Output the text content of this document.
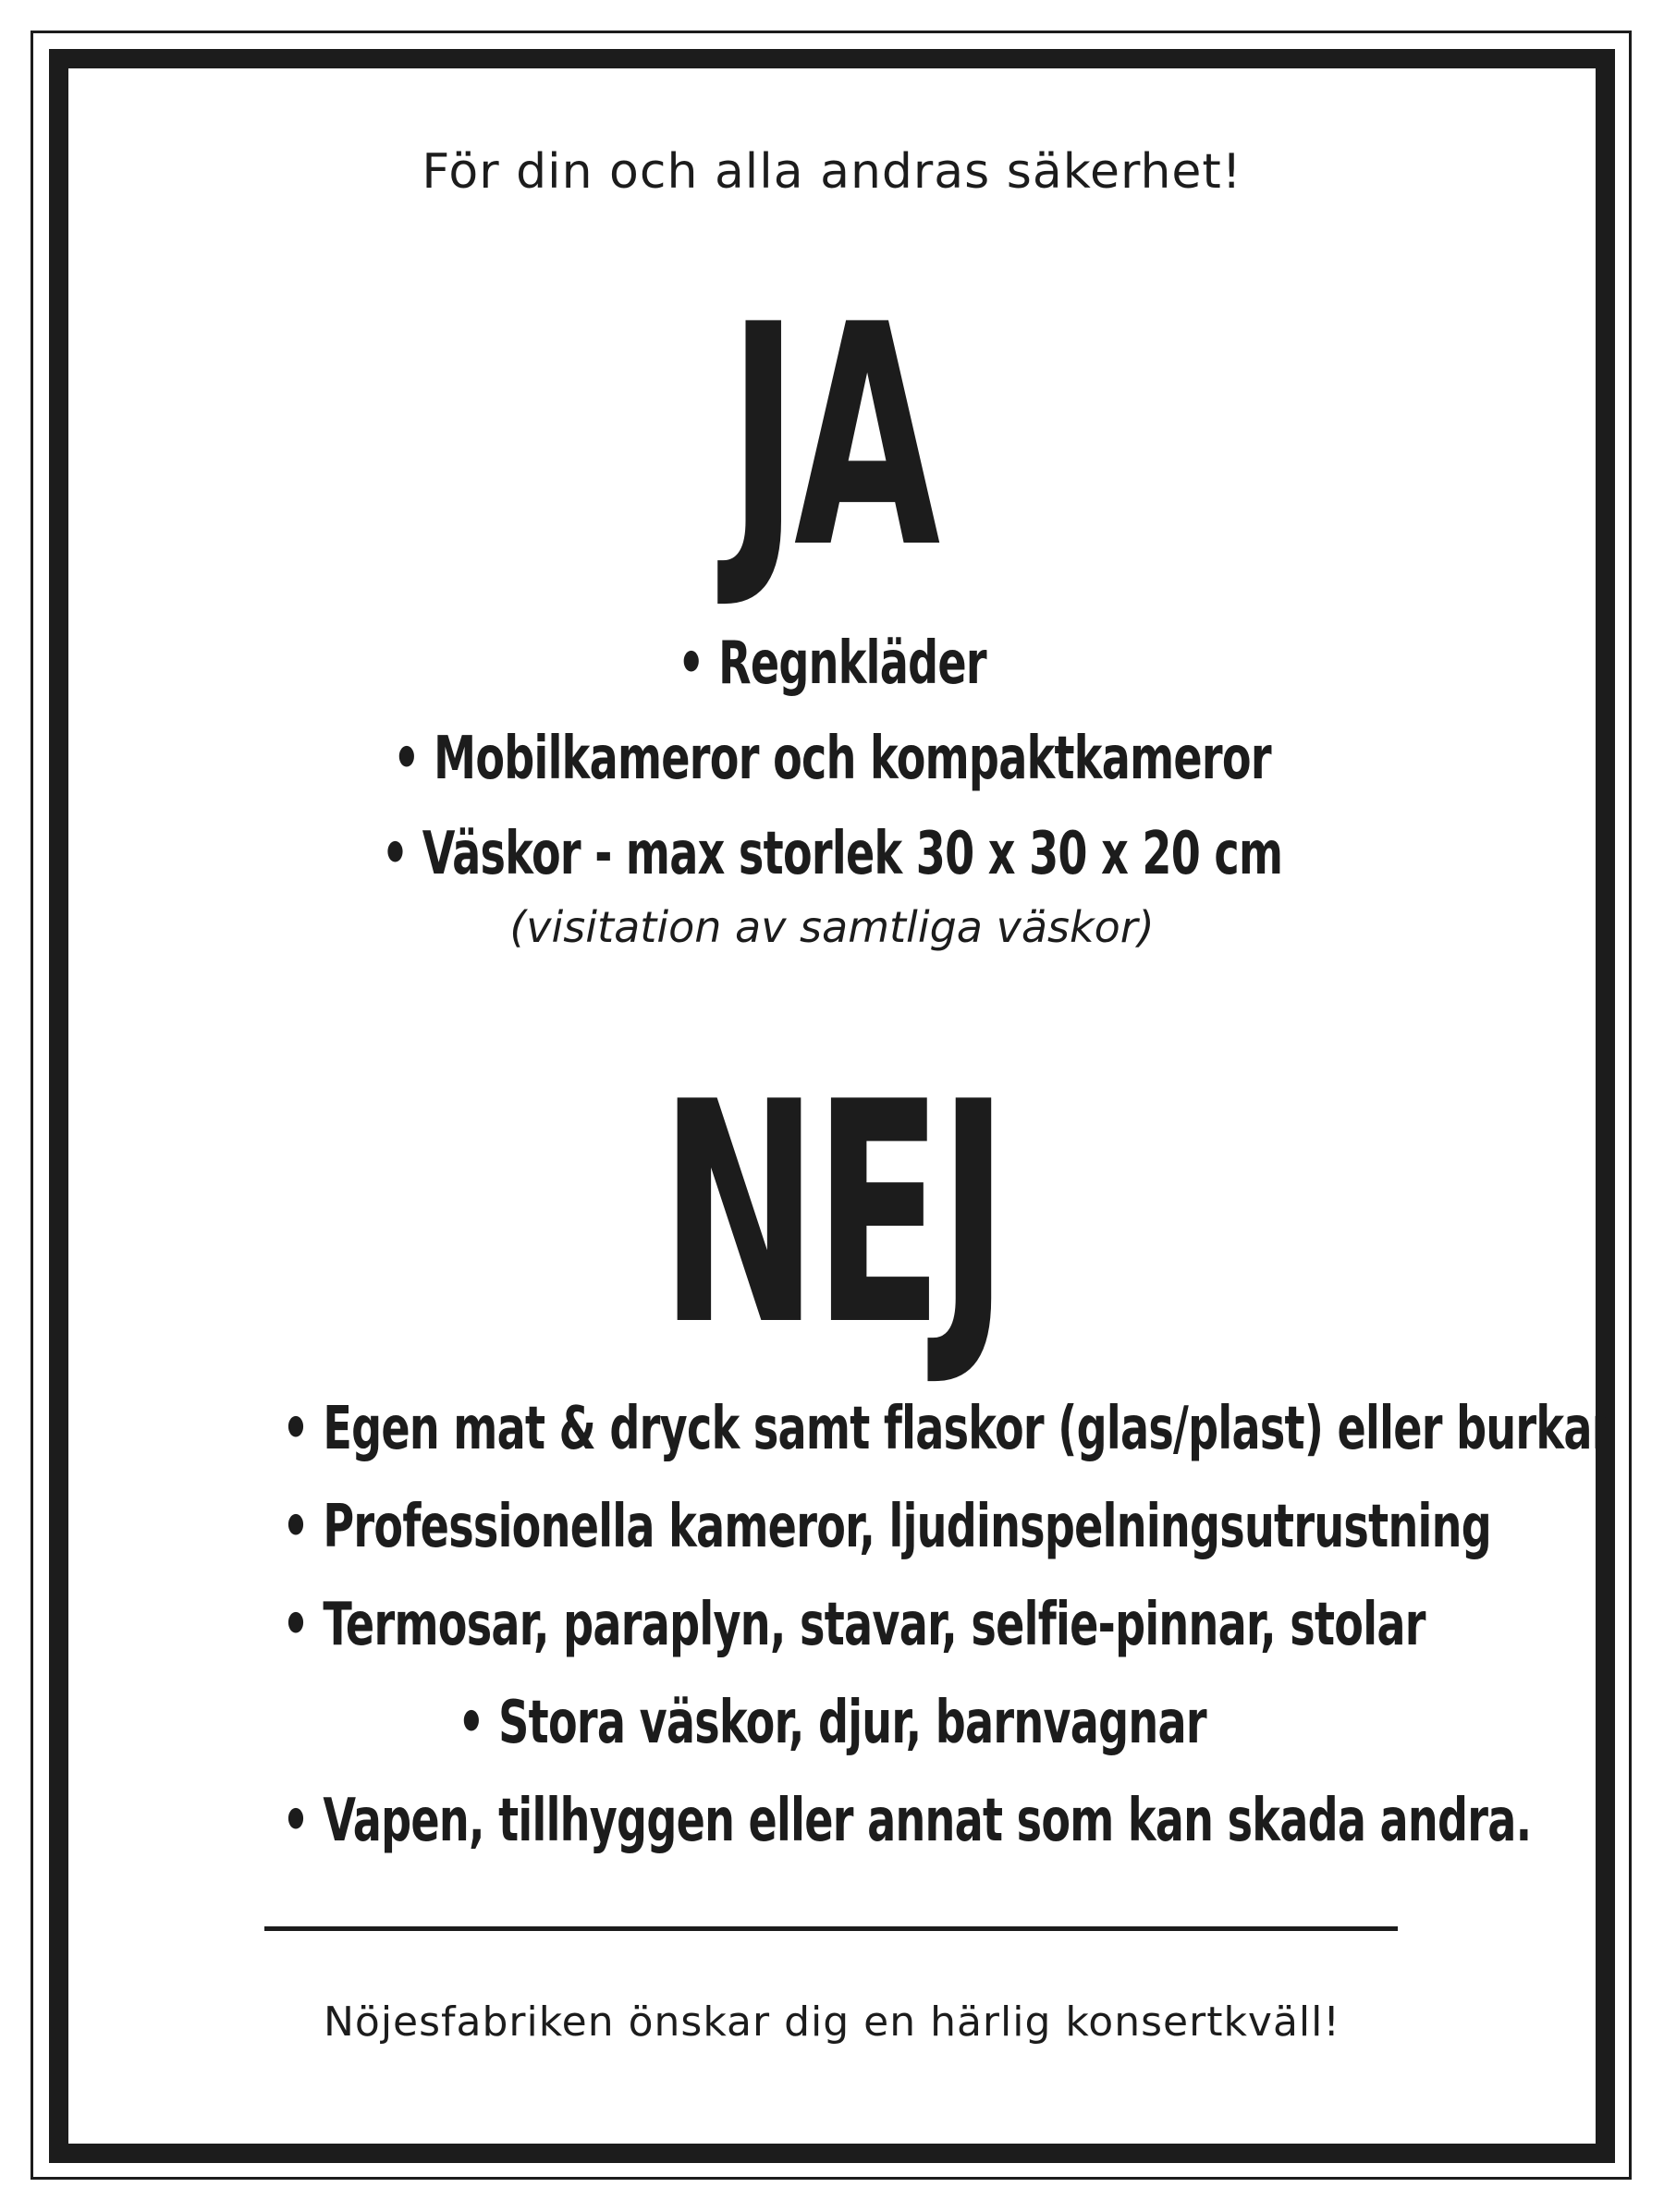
För din och alla andras säkerhet!
JA
• Regnkläder
• Mobilkameror och kompaktkameror
• Väskor - max storlek 30 x 30 x 20 cm
(visitation av samtliga väskor)
NEJ
• Egen mat & dryck samt flaskor (glas/plast) eller burkar
• Professionella kameror, ljudinspelningsutrustning
• Termosar, paraplyn, stavar, selfie-pinnar, stolar
• Stora väskor, djur, barnvagnar
• Vapen, tillhyggen eller annat som kan skada andra.
Nöjesfabriken önskar dig en härlig konsertkväll!
